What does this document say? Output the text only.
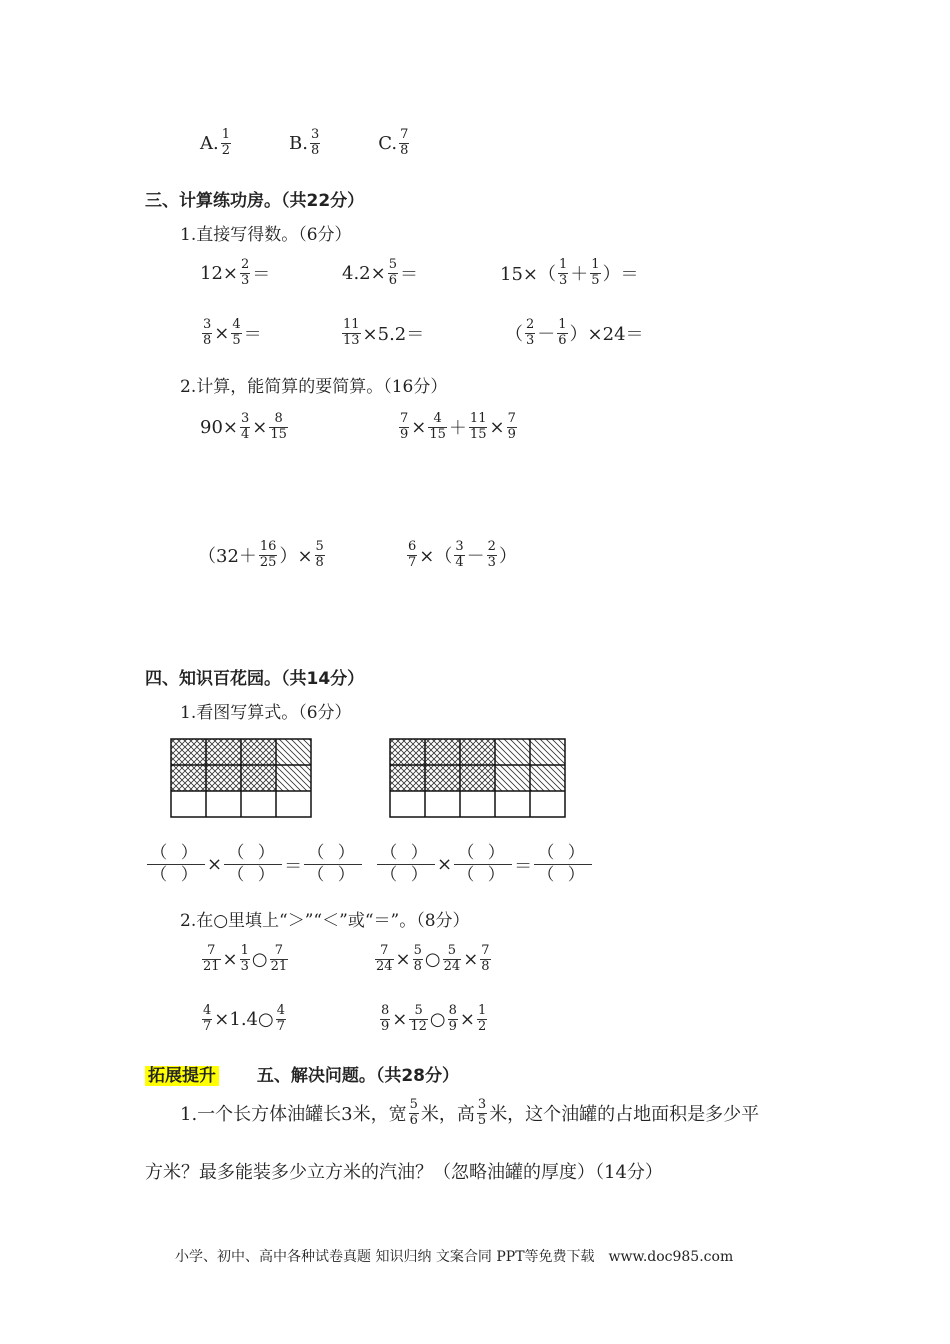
A. 1
2	B. 3
8	C. 7
8
三、计算练功房。（共22分）
1.直接写得数。（6分）
$12\times \frac{2}{3}$ ＝	$4.2\times \frac{5}{6}$ ＝	15×（ 1
3 ＋ 1
5 ）＝
$\frac{3}{8} \times \frac{4}{5}$ ＝	$\frac{11}{13} \times 5.2=$	（ 2
3 － 1
6 ）×24＝
2.计算，能简算的要简算。（16分）
$90\times \frac{3}{4} \times \frac{8}{15}$	$\frac{7}{9} \times \frac{4}{15} + \frac{11}{15} \times \frac{7}{9}$
（32＋ 16
25 ）× $\frac{5}{8}$	$\frac{6}{7}$ ×（ 3
4 － 2
3 ）
四、知识百花园。（共14分）
1.看图写算式。（6分）
（ ）
（ ） ×
（ ）
（ ） ＝
（ ）
（ ）
（ ）
（ ） ×
（ ）
（ ） ＝
（ ）
（ ）
2.在○里填上“＞”“＜”或“＝”。（8分）
$\frac{7}{21} \times \frac{1}{3}$ ○ 7
21	$\frac{7}{24} \times \frac{5}{8}$ ○ $\frac{5}{24} \times \frac{7}{8}$
$\frac{4}{7} \times 1.4$ ○ 4
7	$\frac{8}{9} \times \frac{5}{12}$ ○ $\frac{8}{9} \times \frac{1}{2}$
拓展提升 五、解决问题。（共28分）
1.一个长方体油罐长3米，宽 5
6 米，高 3
5 米，这个油罐的占地面积是多少平
方米？最多能装多少立方米的汽油？（忽略油罐的厚度）（14分）
小学、初中、高中各种试卷真题 知识归纳 文案合同 PPT等免费下载　www.doc985.com
